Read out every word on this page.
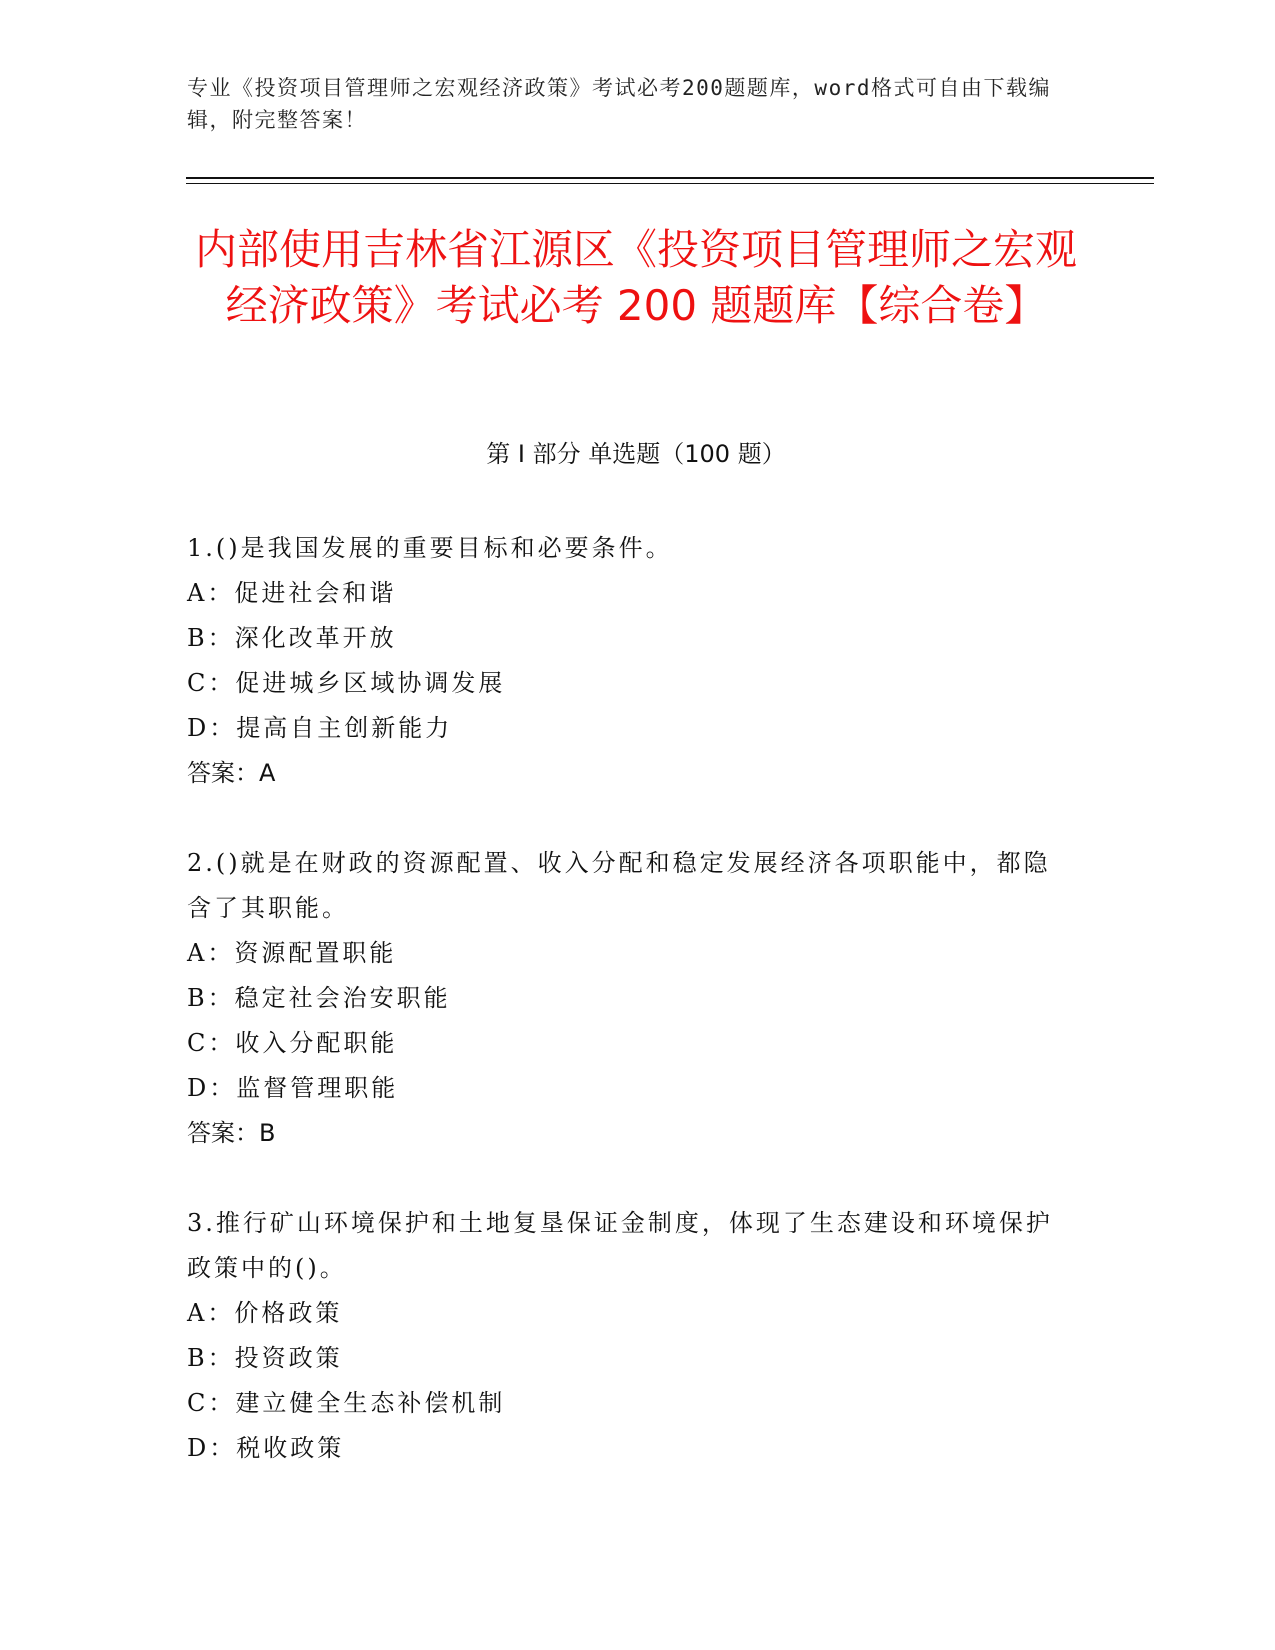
专业《投资项目管理师之宏观经济政策》考试必考200题题库，word格式可自由下载编辑，附完整答案！
内部使用吉林省江源区《投资项目管理师之宏观经济政策》考试必考 200 题题库【综合卷】
第 I 部分 单选题（100 题）
1.()是我国发展的重要目标和必要条件。
A：促进社会和谐
B：深化改革开放
C：促进城乡区域协调发展
D：提高自主创新能力
答案：A
2.()就是在财政的资源配置、收入分配和稳定发展经济各项职能中，都隐含了其职能。
A：资源配置职能
B：稳定社会治安职能
C：收入分配职能
D：监督管理职能
答案：B
3.推行矿山环境保护和土地复垦保证金制度，体现了生态建设和环境保护政策中的()。
A：价格政策
B：投资政策
C：建立健全生态补偿机制
D：税收政策
